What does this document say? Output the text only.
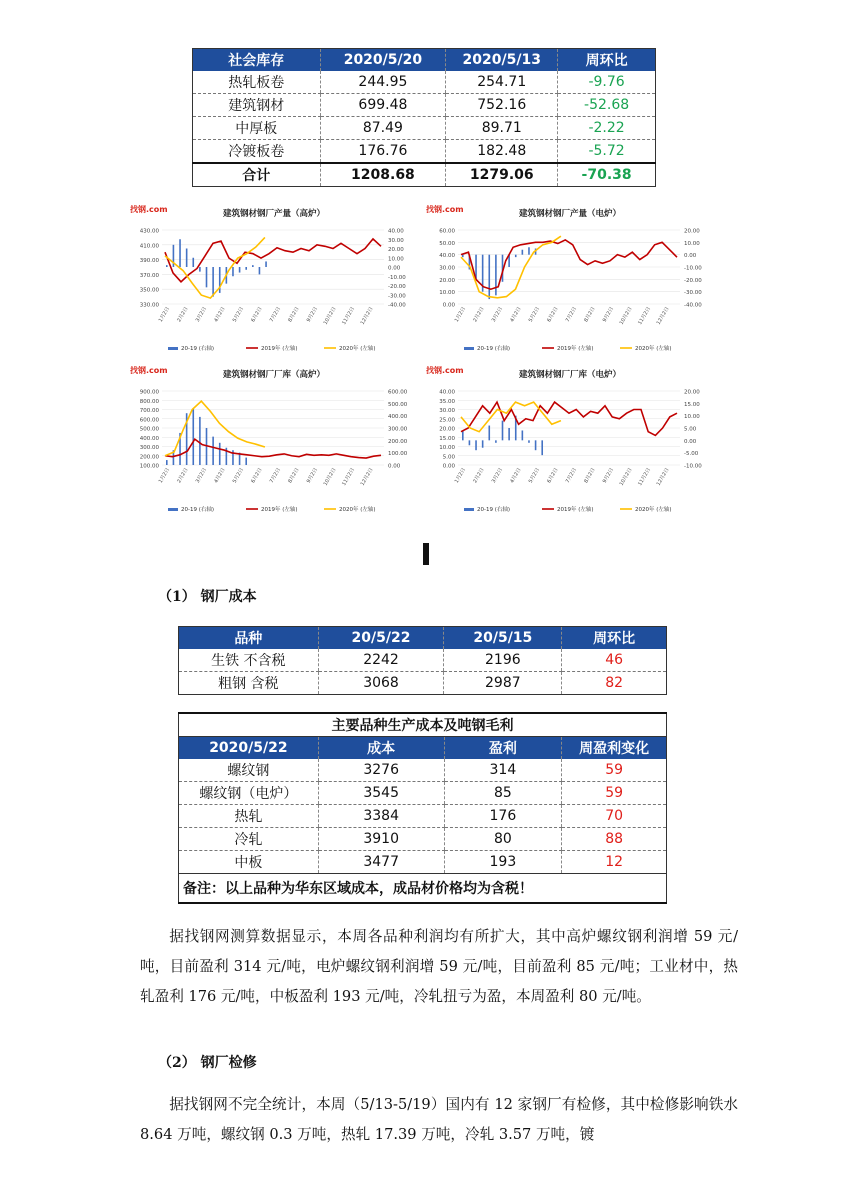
社会库存	2020/5/20	2020/5/13	周环比
热轧板卷	244.95	254.71	-9.76
建筑钢材	699.48	752.16	-52.68
中厚板	87.49	89.71	-2.22
冷镀板卷	176.76	182.48	-5.72
合计	1208.68	1279.06	-70.38
找钢.com	建筑钢材钢厂产量（高炉）
430.00
410.00
390.00
370.00
350.00
330.00
40.00
30.00
20.00
10.00
0.00
-10.00
-20.00
-30.00
-40.00
1月2日 2月2日 3月2日 4月2日 5月2日 6月2日 7月2日 8月2日 9月2日 10月2日 11月2日 12月2日
20-19 (右轴)	2019年 (左轴)	2020年 (左轴)
找钢.com	建筑钢材钢厂产量（电炉）
60.00
50.00
40.00
30.00
20.00
10.00
0.00
20.00
10.00
0.00
-10.00
-20.00
-30.00
-40.00
1月2日 2月2日 3月2日 4月2日 5月2日 6月2日 7月2日 8月2日 9月2日 10月2日 11月2日 12月2日
20-19 (右轴)	2019年 (左轴)	2020年 (左轴)
找钢.com	建筑钢材钢厂厂库（高炉）
900.00
800.00
700.00
600.00
500.00
400.00
300.00
200.00
100.00
600.00
500.00
400.00
300.00
200.00
100.00
0.00
1月2日 2月2日 3月2日 4月2日 5月2日 6月2日 7月2日 8月2日 9月2日 10月2日 11月2日 12月2日
20-19 (右轴)	2019年 (左轴)	2020年 (左轴)
找钢.com	建筑钢材钢厂厂库（电炉）
40.00
35.00
30.00
25.00
20.00
15.00
10.00
5.00
0.00
20.00
15.00
10.00
5.00
0.00
-5.00
-10.00
1月2日 2月2日 3月2日 4月2日 5月2日 6月2日 7月2日 8月2日 9月2日 10月2日 11月2日 12月2日
20-19 (右轴)	2019年 (左轴)	2020年 (左轴)
（1） 钢厂成本
品种	20/5/22	20/5/15	周环比
生铁 不含税	2242	2196	46
粗钢 含税	3068	2987	82
主要品种生产成本及吨钢毛利			
2020/5/22	成本	盈利	周盈利变化
螺纹钢	3276	314	59
螺纹钢（电炉）	3545	85	59
热轧	3384	176	70
冷轧	3910	80	88
中板	3477	193	12
备注：以上品种为华东区域成本，成品材价格均为含税！			
据找钢网测算数据显示，本周各品种利润均有所扩大，其中高炉螺纹钢利润增 59 元/吨，目前盈利 314 元/吨，电炉螺纹钢利润增 59 元/吨，目前盈利 85 元/吨；工业材中，热轧盈利 176 元/吨，中板盈利 193 元/吨，冷轧扭亏为盈，本周盈利 80 元/吨。
（2） 钢厂检修
据找钢网不完全统计，本周（5/13-5/19）国内有 12 家钢厂有检修，其中检修影响铁水 8.64 万吨，螺纹钢 0.3 万吨，热轧 17.39 万吨，冷轧 3.57 万吨，镀
